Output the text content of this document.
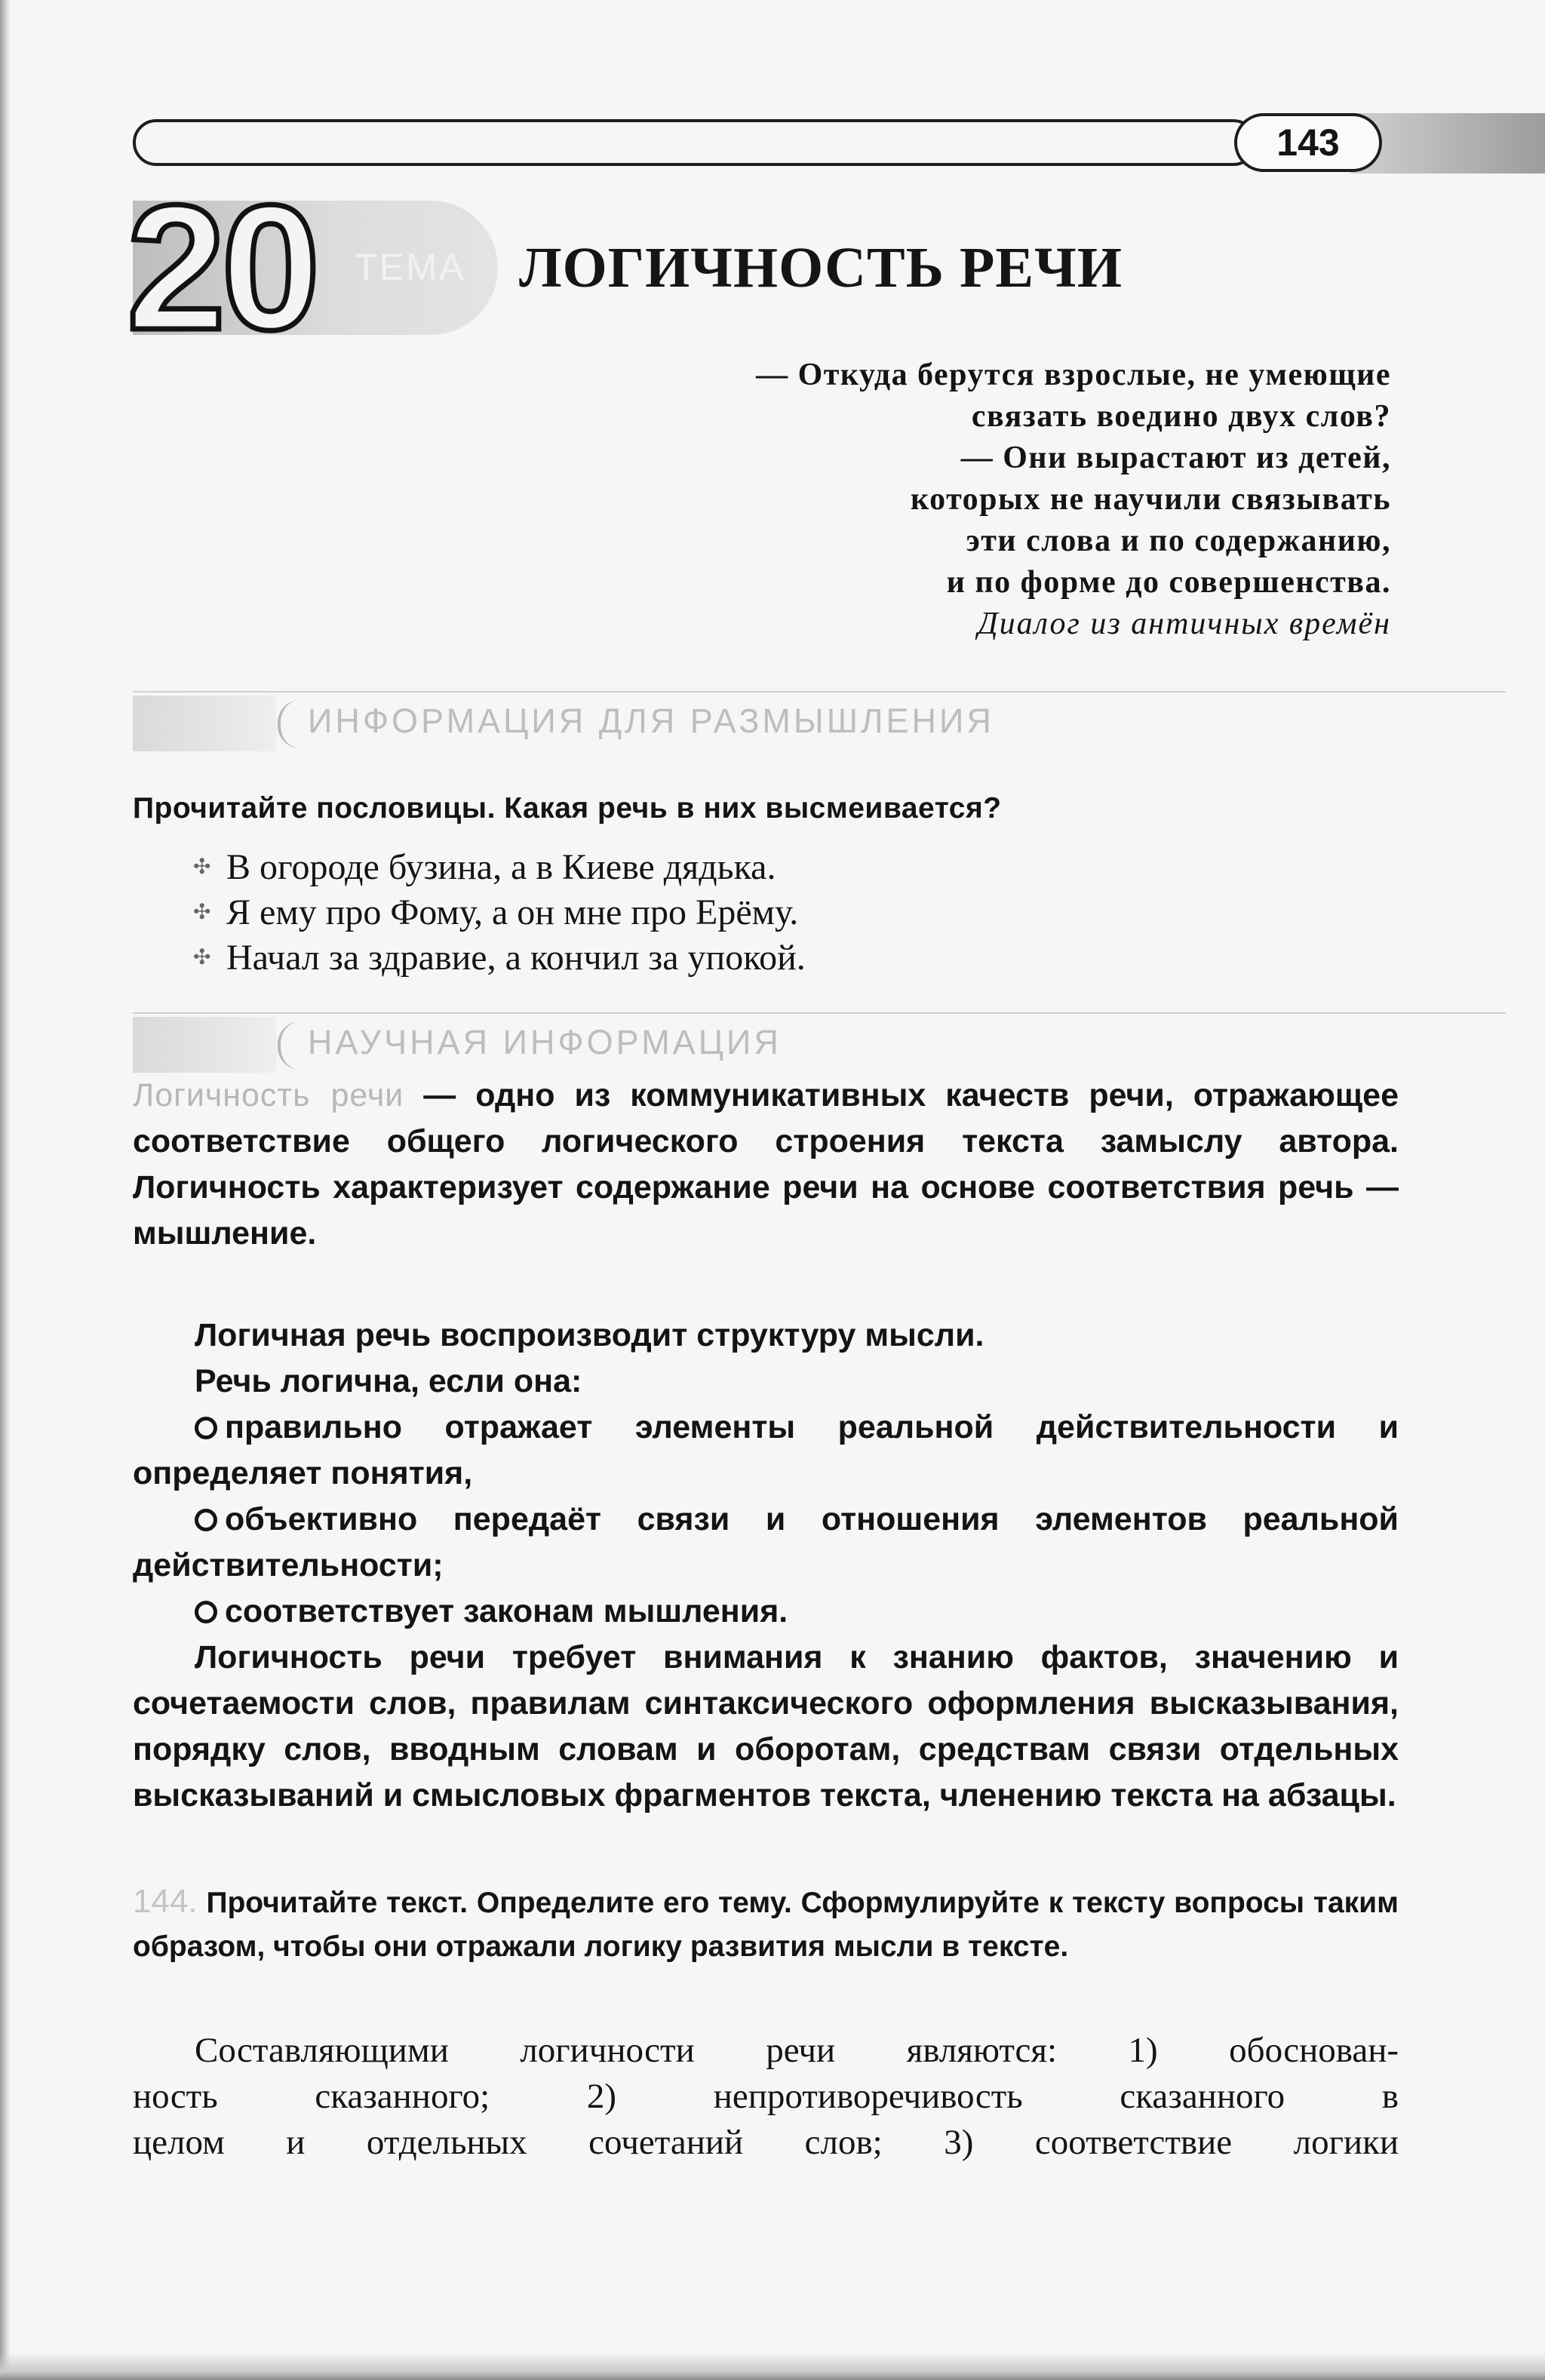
143
20 ТЕМА ЛОГИЧНОСТЬ РЕЧИ
— Откуда берутся взрослые, не умеющие
связать воедино двух слов?
— Они вырастают из детей,
которых не научили связывать
эти слова и по содержанию,
и по форме до совершенства.
Диалог из античных времён
ИНФОРМАЦИЯ ДЛЯ РАЗМЫШЛЕНИЯ
Прочитайте пословицы. Какая речь в них высмеивается?
✣ В огороде бузина, а в Киеве дядька.
✣ Я ему про Фому, а он мне про Ерёму.
✣ Начал за здравие, а кончил за упокой.
НАУЧНАЯ ИНФОРМАЦИЯ
Логичность речи — одно из коммуникативных качеств речи, отражающее соответствие общего логического строения текста замыслу автора. Логичность характеризует содержание речи на основе соответствия речь — мышление.
Логичная речь воспроизводит структуру мысли.
Речь логична, если она:
правильно отражает элементы реальной действительности и определяет понятия,
объективно передаёт связи и отношения элементов реальной действительности;
соответствует законам мышления.
Логичность речи требует внимания к знанию фактов, значению и сочетаемости слов, правилам синтаксического оформления высказывания, порядку слов, вводным словам и оборотам, средствам связи отдельных высказываний и смысловых фрагментов текста, членению текста на абзацы.
144. Прочитайте текст. Определите его тему. Сформулируйте к тексту вопросы таким образом, чтобы они отражали логику развития мысли в тексте.
Составляющими логичности речи являются: 1) обоснован-
ность сказанного; 2) непротиворечивость сказанного в
целом и отдельных сочетаний слов; 3) соответствие логики
